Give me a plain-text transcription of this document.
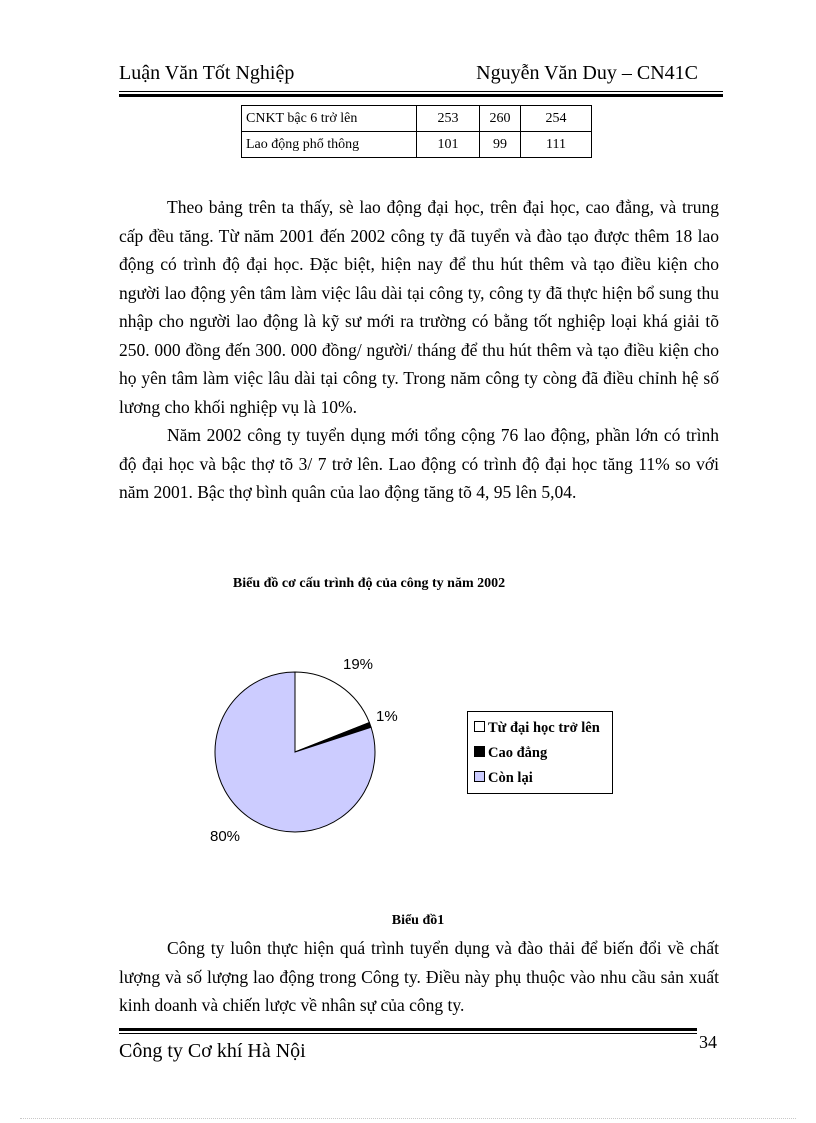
Luận Văn Tốt Nghiệp	Nguyễn Văn Duy – CN41C
CNKT bậc 6 trở lên	253	260	254
Lao động phổ thông	101	99	111

Theo bảng trên ta thấy, sè lao động đại học, trên đại học, cao đẳng, và trung cấp đều tăng. Từ năm 2001 đến 2002 công ty đã tuyển và đào tạo được thêm 18 lao động có trình độ đại học. Đặc biệt, hiện nay để thu hút thêm và tạo điều kiện cho người lao động yên tâm làm việc lâu dài tại công ty, công ty đã thực hiện bổ sung thu nhập cho người lao động là kỹ sư mới ra trường có bằng tốt nghiệp loại khá giải tõ 250. 000 đồng đến 300. 000 đồng/ người/ tháng để thu hút thêm và tạo điều kiện cho họ yên tâm làm việc lâu dài tại công ty. Trong năm công ty còng đã điều chỉnh hệ số lương cho khối nghiệp vụ là 10%.

Năm 2002 công ty tuyển dụng mới tổng cộng 76 lao động, phần lớn có trình độ đại học và bậc thợ tõ 3/ 7 trở lên. Lao động có trình độ đại học tăng 11% so với năm 2001. Bậc thợ bình quân của lao động tăng tõ 4, 95 lên 5,04.

Biểu đồ cơ cấu trình độ của công ty năm 2002
19%
1%
80%
Từ đại học trở lên
Cao đẳng
Còn lại
Biểu đồ1

Công ty luôn thực hiện quá trình tuyển dụng và đào thải để biến đổi về chất lượng và số lượng lao động trong Công ty. Điều này phụ thuộc vào nhu cầu sản xuất kinh doanh và chiến lược về nhân sự của công ty.

Công ty Cơ khí Hà Nội	34
